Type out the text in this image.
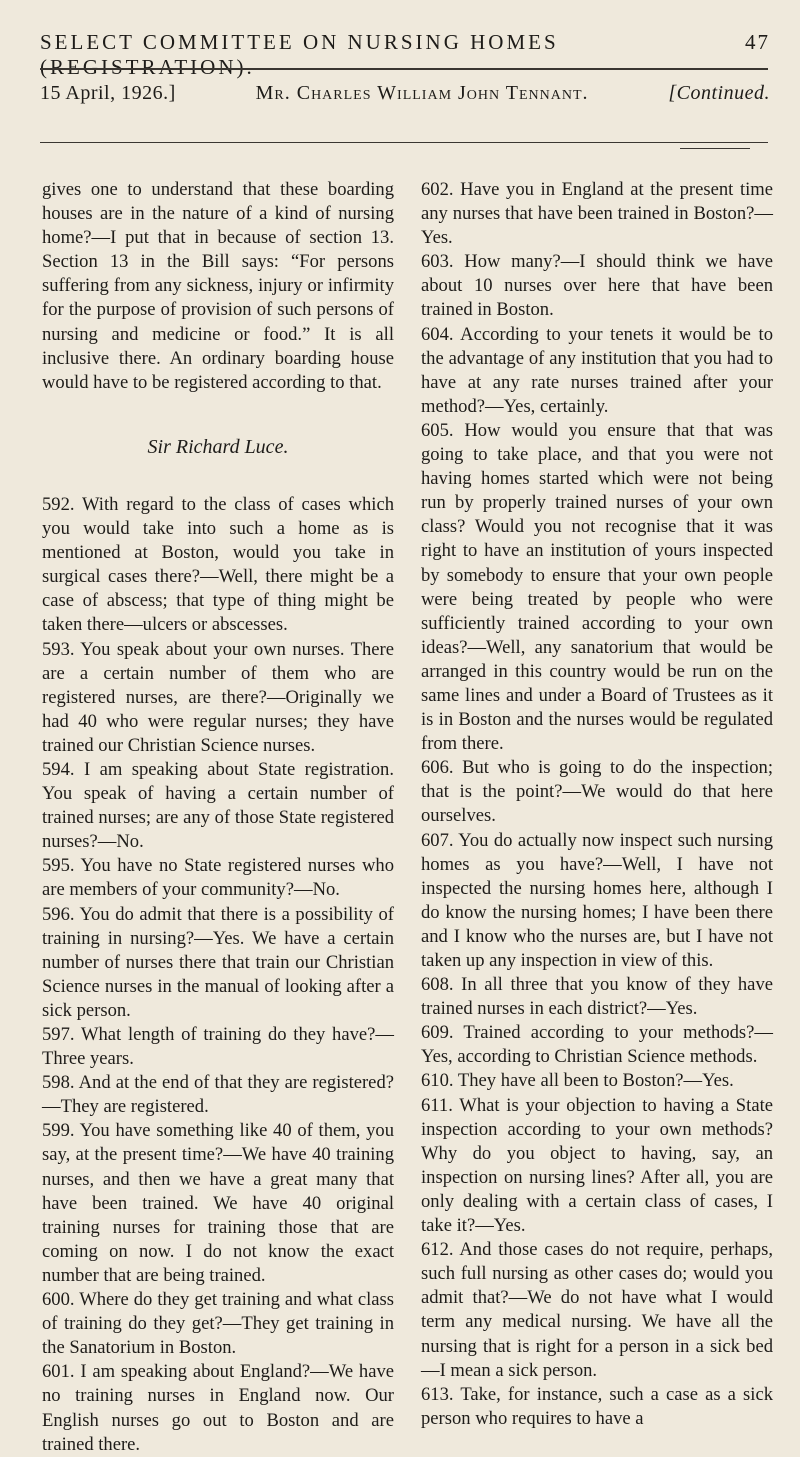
SELECT COMMITTEE ON NURSING HOMES (REGISTRATION).
47
15 April, 1926.]	Mr. Charles William John Tennant.	[Continued.

gives one to understand that these boarding houses are in the nature of a kind of nursing home?—I put that in because of section 13. Section 13 in the Bill says: “For persons suffering from any sickness, injury or infirmity for the purpose of provision of such persons of nursing and medicine or food.” It is all inclusive there. An ordinary boarding house would have to be registered according to that.

Sir Richard Luce.

592. With regard to the class of cases which you would take into such a home as is mentioned at Boston, would you take in surgical cases there?—Well, there might be a case of abscess; that type of thing might be taken there—ulcers or abscesses.

593. You speak about your own nurses. There are a certain number of them who are registered nurses, are there?—Originally we had 40 who were regular nurses; they have trained our Christian Science nurses.

594. I am speaking about State registration. You speak of having a certain number of trained nurses; are any of those State registered nurses?—No.

595. You have no State registered nurses who are members of your community?—No.

596. You do admit that there is a possibility of training in nursing?—Yes. We have a certain number of nurses there that train our Christian Science nurses in the manual of looking after a sick person.

597. What length of training do they have?—Three years.

598. And at the end of that they are registered?—They are registered.

599. You have something like 40 of them, you say, at the present time?—We have 40 training nurses, and then we have a great many that have been trained. We have 40 original training nurses for training those that are coming on now. I do not know the exact number that are being trained.

600. Where do they get training and what class of training do they get?—They get training in the Sanatorium in Boston.

601. I am speaking about England?—We have no training nurses in England now. Our English nurses go out to Boston and are trained there.

602. Have you in England at the present time any nurses that have been trained in Boston?—Yes.

603. How many?—I should think we have about 10 nurses over here that have been trained in Boston.

604. According to your tenets it would be to the advantage of any institution that you had to have at any rate nurses trained after your method?—Yes, certainly.

605. How would you ensure that that was going to take place, and that you were not having homes started which were not being run by properly trained nurses of your own class? Would you not recognise that it was right to have an institution of yours inspected by somebody to ensure that your own people were being treated by people who were sufficiently trained according to your own ideas?—Well, any sanatorium that would be arranged in this country would be run on the same lines and under a Board of Trustees as it is in Boston and the nurses would be regulated from there.

606. But who is going to do the inspection; that is the point?—We would do that here ourselves.

607. You do actually now inspect such nursing homes as you have?—Well, I have not inspected the nursing homes here, although I do know the nursing homes; I have been there and I know who the nurses are, but I have not taken up any inspection in view of this.

608. In all three that you know of they have trained nurses in each district?—Yes.

609. Trained according to your methods?—Yes, according to Christian Science methods.

610. They have all been to Boston?—Yes.

611. What is your objection to having a State inspection according to your own methods? Why do you object to having, say, an inspection on nursing lines? After all, you are only dealing with a certain class of cases, I take it?—Yes.

612. And those cases do not require, perhaps, such full nursing as other cases do; would you admit that?—We do not have what I would term any medical nursing. We have all the nursing that is right for a person in a sick bed—I mean a sick person.

613. Take, for instance, such a case as a sick person who requires to have a
